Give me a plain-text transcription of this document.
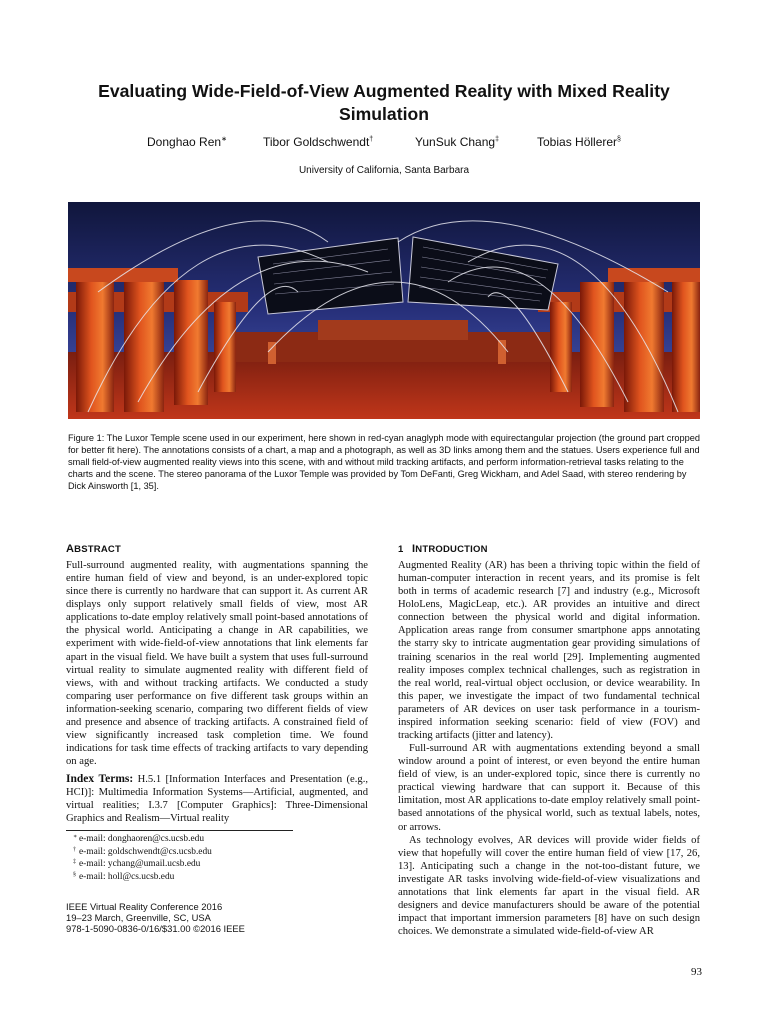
Evaluating Wide-Field-of-View Augmented Reality with Mixed Reality
Simulation
Donghao Ren∗	Tibor Goldschwendt†	YunSuk Chang‡	Tobias Höllerer§
University of California, Santa Barbara
Figure 1: The Luxor Temple scene used in our experiment, here shown in red-cyan anaglyph mode with equirectangular projection (the ground part cropped for better fit here). The annotations consists of a chart, a map and a photograph, as well as 3D links among them and the statues. Users experience full and small field-of-view augmented reality views into this scene, with and without mild tracking artifacts, and perform information-retrieval tasks relating to the charts and the scene. The stereo panorama of the Luxor Temple was provided by Tom DeFanti, Greg Wickham, and Adel Saad, with stereo rendering by Dick Ainsworth [1, 35].
ABSTRACT

Full-surround augmented reality, with augmentations spanning the entire human field of view and beyond, is an under-explored topic since there is currently no hardware that can support it. As current AR displays only support relatively small fields of view, most AR applications to-date employ relatively small point-based annotations of the physical world. Anticipating a change in AR capabilities, we experiment with wide-field-of-view annotations that link elements far apart in the visual field. We have built a system that uses full-surround virtual reality to simulate augmented reality with different field of views, with and without tracking artifacts. We conducted a study comparing user performance on five different task groups within an information-seeking scenario, comparing two different fields of view and presence and absence of tracking artifacts. A constrained field of view significantly increased task completion time. We found indications for task time effects of tracking artifacts to vary depending on age.

Index Terms: H.5.1 [Information Interfaces and Presentation (e.g., HCI)]: Multimedia Information Systems—Artificial, augmented, and virtual realities; I.3.7 [Computer Graphics]: Three-Dimensional Graphics and Realism—Virtual reality

∗ e-mail: donghaoren@cs.ucsb.edu
† e-mail: goldschwendt@cs.ucsb.edu
‡ e-mail: ychang@umail.ucsb.edu
§ e-mail: holl@cs.ucsb.edu
IEEE Virtual Reality Conference 2016
19–23 March, Greenville, SC, USA
978-1-5090-0836-0/16/$31.00 ©2016 IEEE
1 INTRODUCTION

Augmented Reality (AR) has been a thriving topic within the field of human-computer interaction in recent years, and its promise is felt both in terms of academic research [7] and industry (e.g., Microsoft HoloLens, MagicLeap, etc.). AR provides an intuitive and direct connection between the physical world and digital information. Application areas range from consumer smartphone apps annotating the starry sky to intricate augmentation gear providing simulations of training scenarios in the real world [29]. Implementing augmented reality imposes complex technical challenges, such as registration in the real world, real-virtual object occlusion, or device wearability. In this paper, we investigate the impact of two fundamental technical parameters of AR devices on user task performance in a tourism-inspired information seeking scenario: field of view (FOV) and tracking artifacts (jitter and latency).

Full-surround AR with augmentations extending beyond a small window around a point of interest, or even beyond the entire human field of view, is an under-explored topic, since there is currently no practical viewing hardware that can support it. Because of this limitation, most AR applications to-date employ relatively small point-based annotations of the physical world, such as textual labels, notes, or arrows.

As technology evolves, AR devices will provide wider fields of view that hopefully will cover the entire human field of view [17, 26, 13]. Anticipating such a change in the not-too-distant future, we investigate AR tasks involving wide-field-of-view visualizations and annotations that link elements far apart in the visual field. AR designers and device manufacturers should be aware of the potential impact that important immersion parameters [8] have on such design choices. We demonstrate a simulated wide-field-of-view AR

93
